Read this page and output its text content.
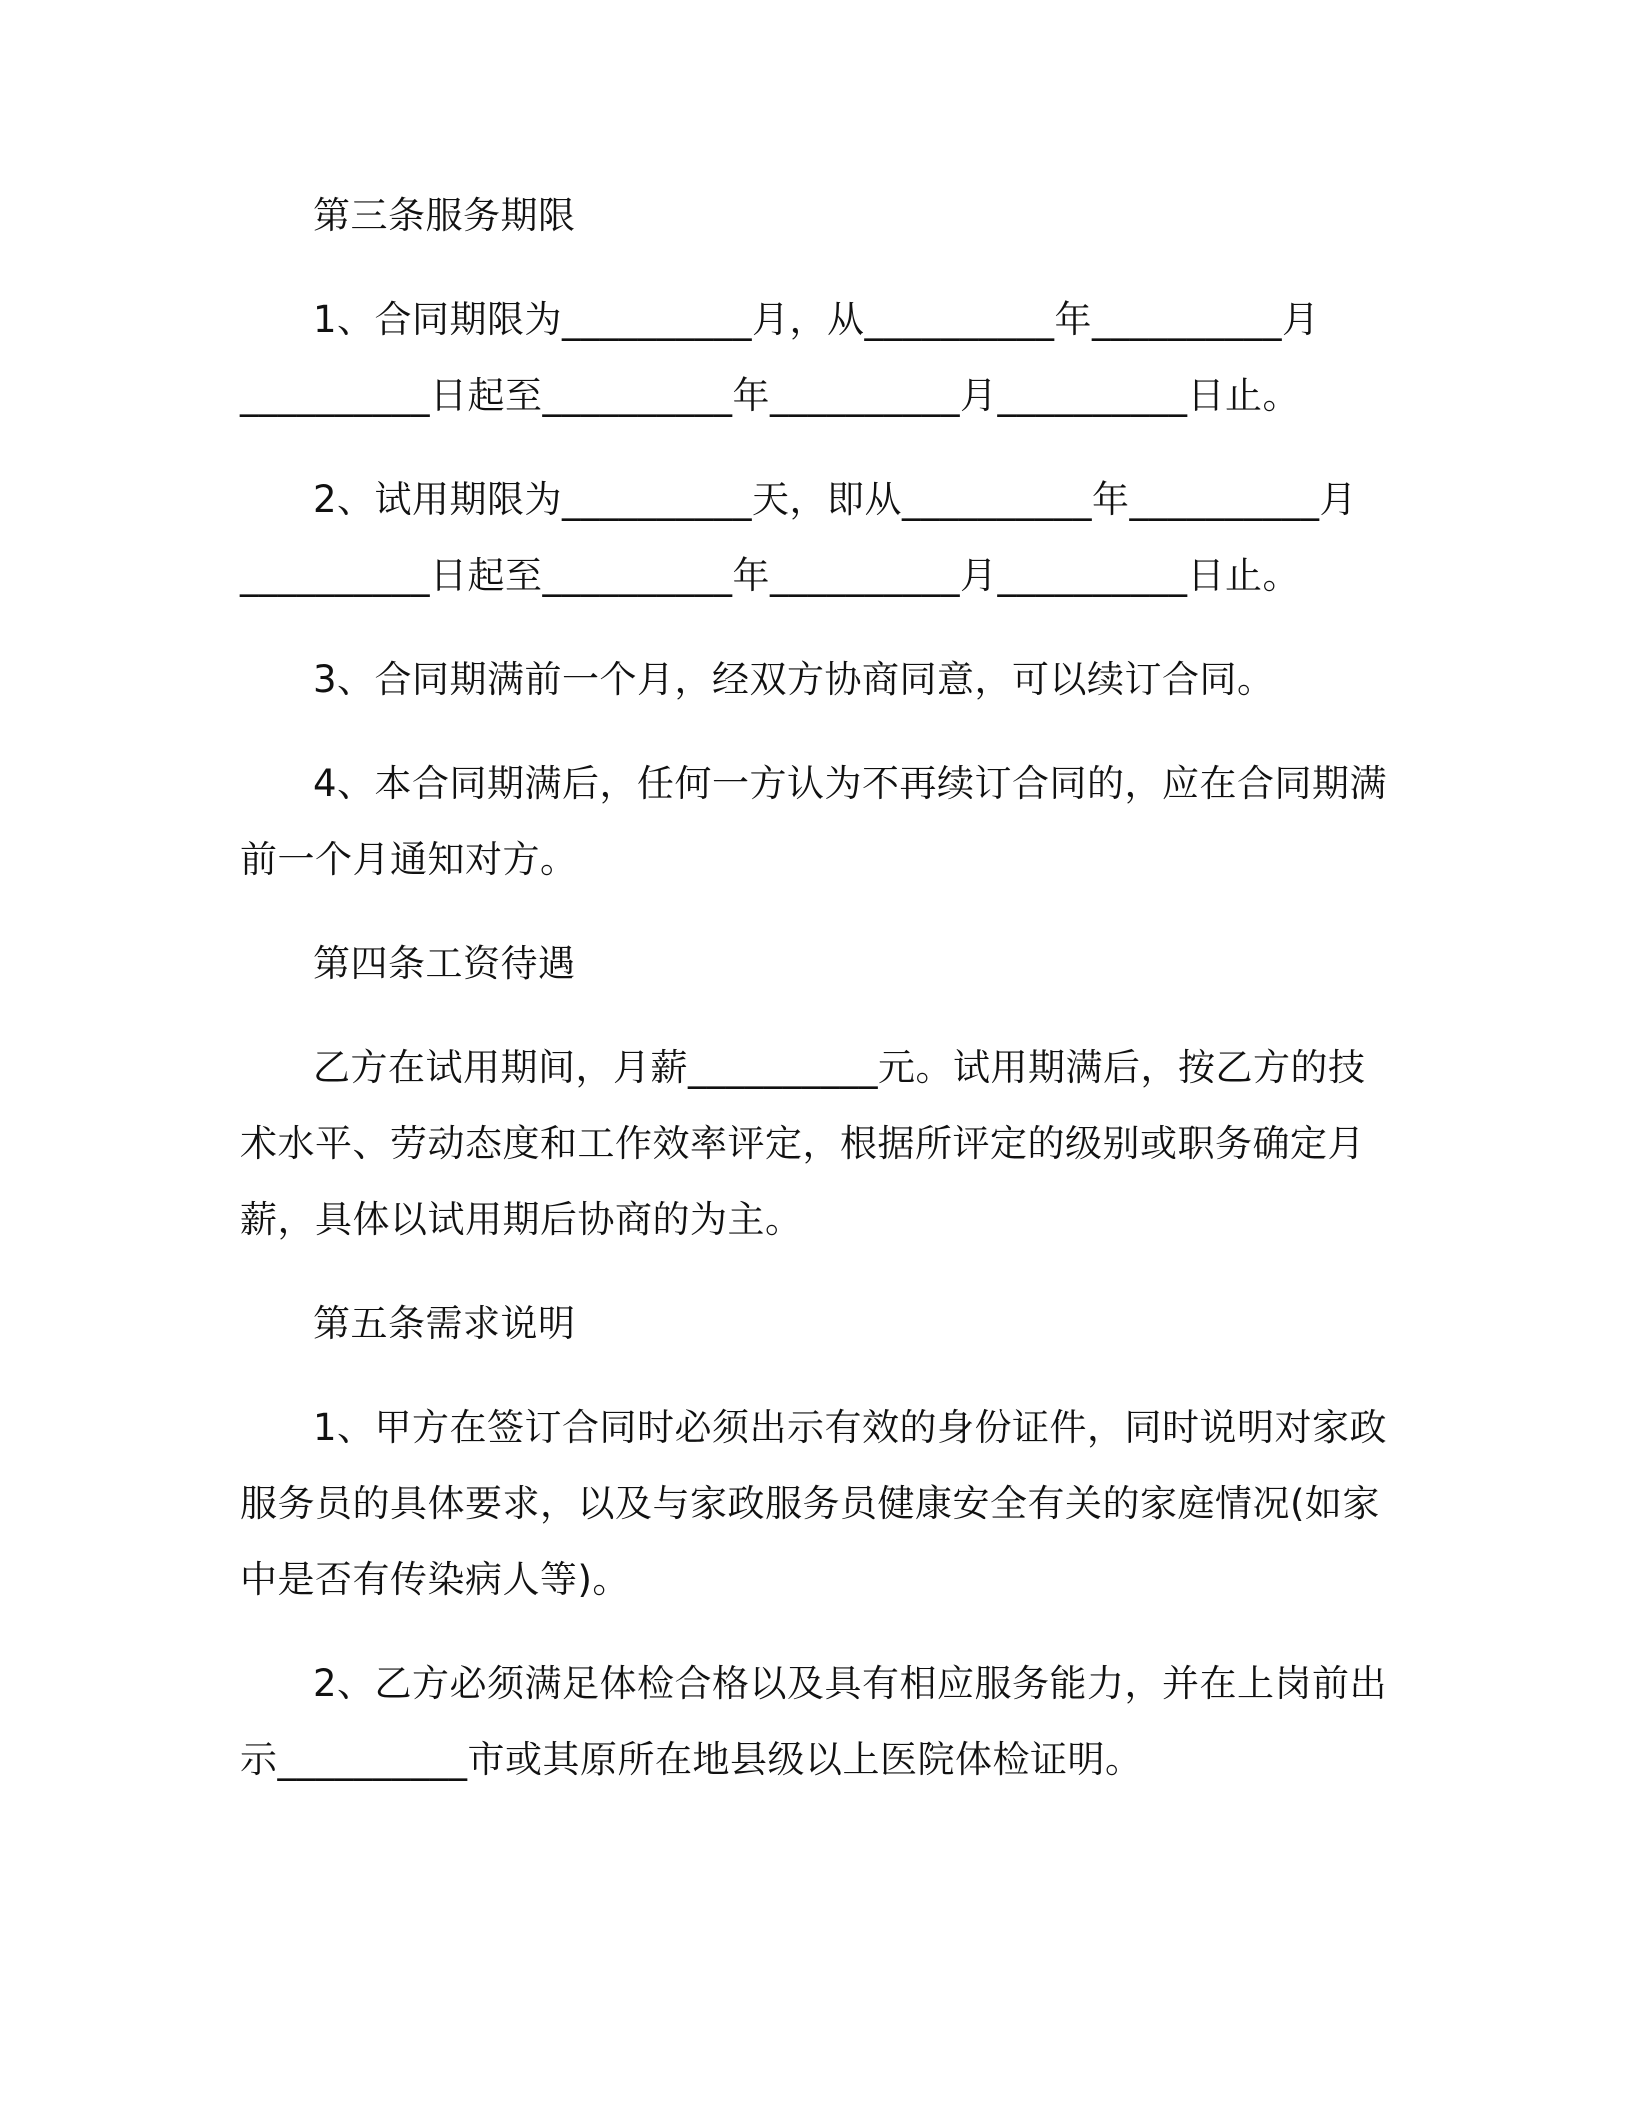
第三条服务期限

1、合同期限为__________月，从__________年__________月

__________日起至__________年__________月__________日止。

2、试用期限为__________天，即从__________年__________月

__________日起至__________年__________月__________日止。

3、合同期满前一个月，经双方协商同意，可以续订合同。

4、本合同期满后，任何一方认为不再续订合同的，应在合同期满

前一个月通知对方。

第四条工资待遇

乙方在试用期间，月薪__________元。试用期满后，按乙方的技

术水平、劳动态度和工作效率评定，根据所评定的级别或职务确定月

薪，具体以试用期后协商的为主。

第五条需求说明

1、甲方在签订合同时必须出示有效的身份证件，同时说明对家政

服务员的具体要求，以及与家政服务员健康安全有关的家庭情况(如家

中是否有传染病人等)。

2、乙方必须满足体检合格以及具有相应服务能力，并在上岗前出

示__________市或其原所在地县级以上医院体检证明。
